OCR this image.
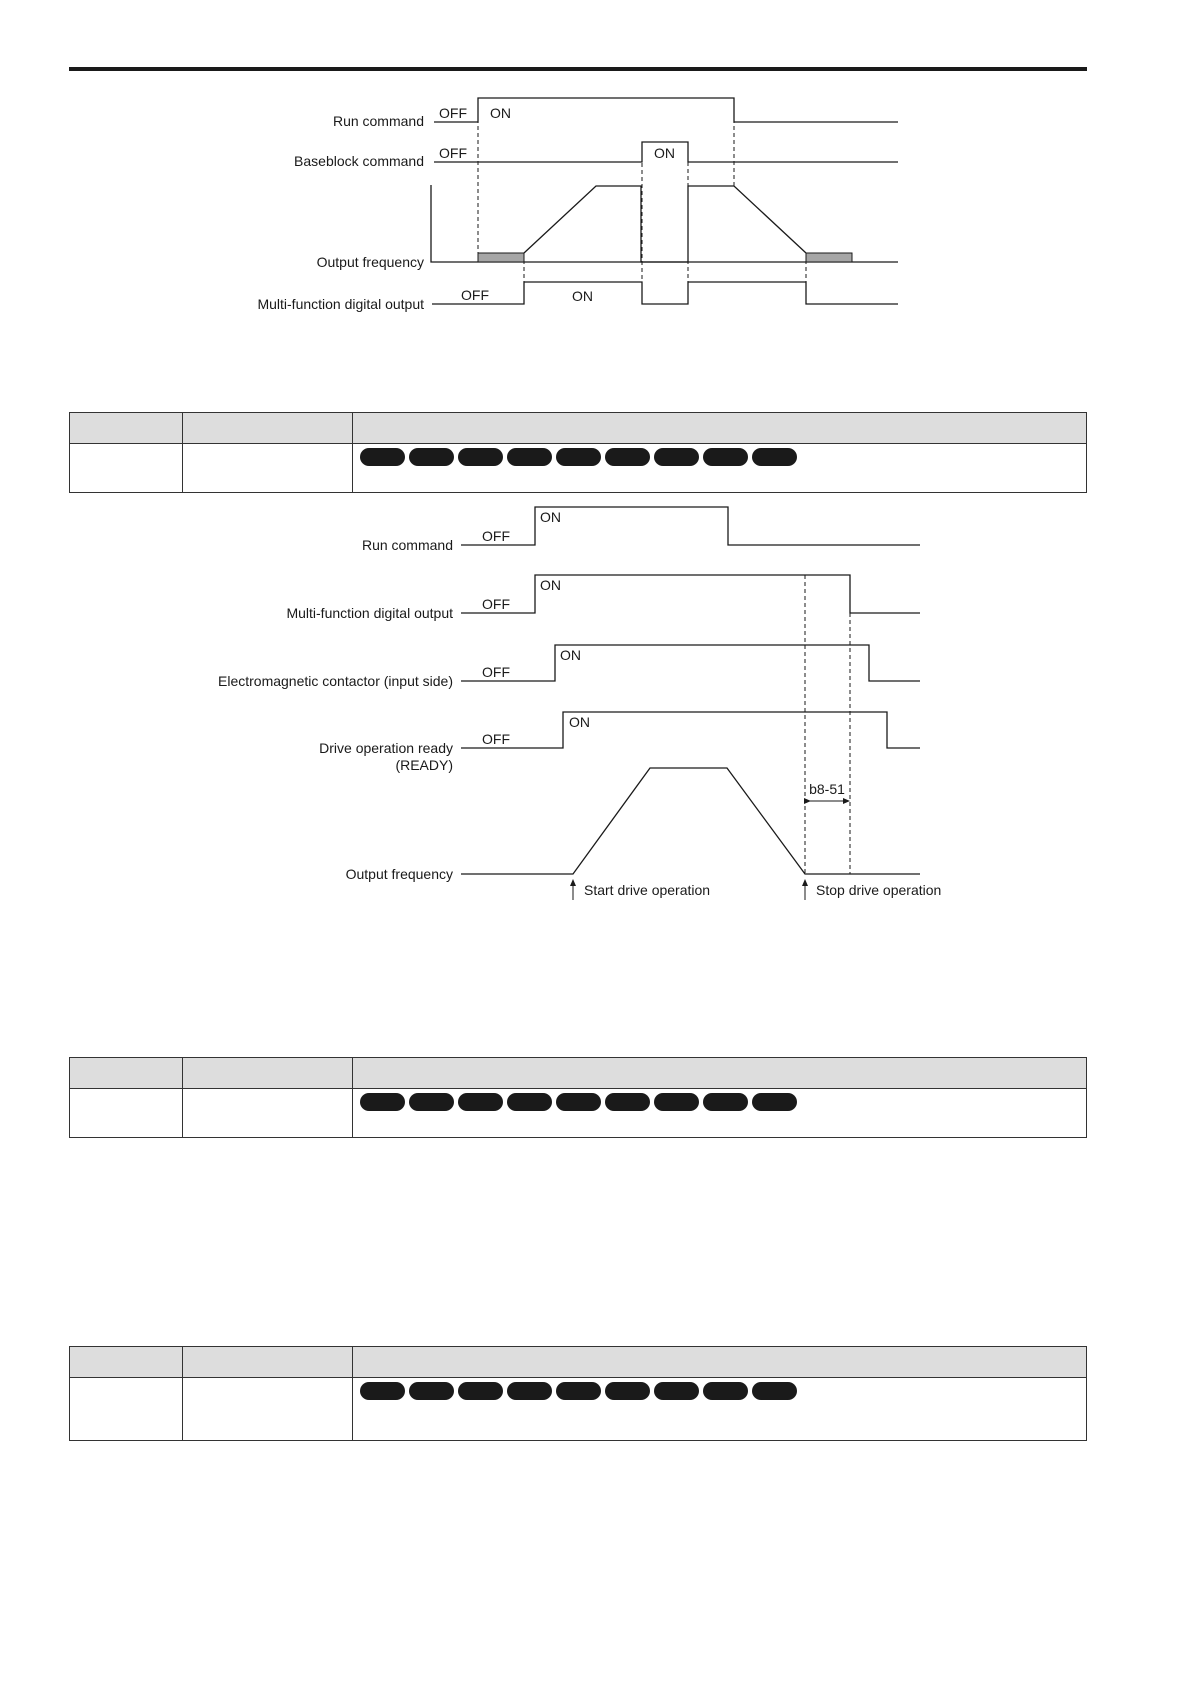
Run command
Baseblock command
Output frequency
Multi-function digital output
OFF ON
OFF	ON
OFF	ON

Run command
Multi-function digital output
Electromagnetic contactor (input side)
Drive operation ready
(READY)
Output frequency
OFF
ON
OFF
ON
OFF
ON
OFF
ON
b8-51
Start drive operation	Stop drive operation
